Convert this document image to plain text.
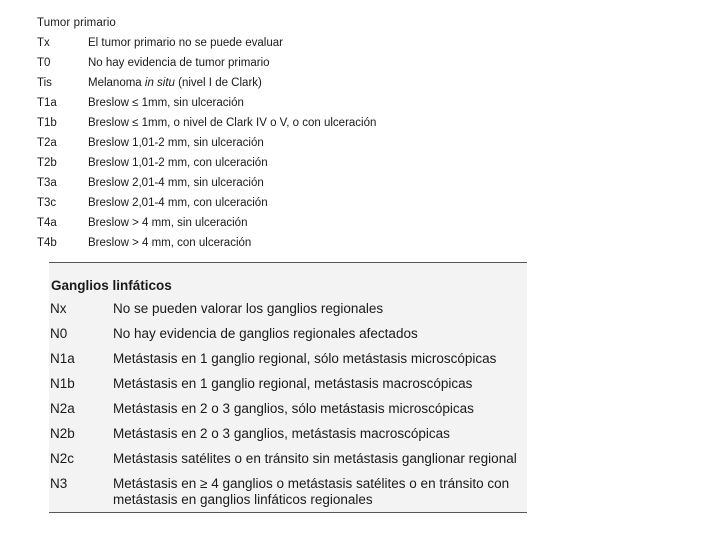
Tumor primario
Tx	El tumor primario no se puede evaluar
T0	No hay evidencia de tumor primario
Tis	Melanoma in situ (nivel I de Clark)
T1a	Breslow ≤ 1mm, sin ulceración
T1b	Breslow ≤ 1mm, o nivel de Clark IV o V, o con ulceración
T2a	Breslow 1,01-2 mm, sin ulceración
T2b	Breslow 1,01-2 mm, con ulceración
T3a	Breslow 2,01-4 mm, sin ulceración
T3c	Breslow 2,01-4 mm, con ulceración
T4a	Breslow > 4 mm, sin ulceración
T4b	Breslow > 4 mm, con ulceración
Ganglios linfáticos
Nx	No se pueden valorar los ganglios regionales
N0	No hay evidencia de ganglios regionales afectados
N1a	Metástasis en 1 ganglio regional, sólo metástasis microscópicas
N1b	Metástasis en 1 ganglio regional, metástasis macroscópicas
N2a	Metástasis en 2 o 3 ganglios, sólo metástasis microscópicas
N2b	Metástasis en 2 o 3 ganglios, metástasis macroscópicas
N2c	Metástasis satélites o en tránsito sin metástasis ganglionar regional
N3	Metástasis en ≥ 4 ganglios o metástasis satélites o en tránsito con metástasis en ganglios linfáticos regionales
